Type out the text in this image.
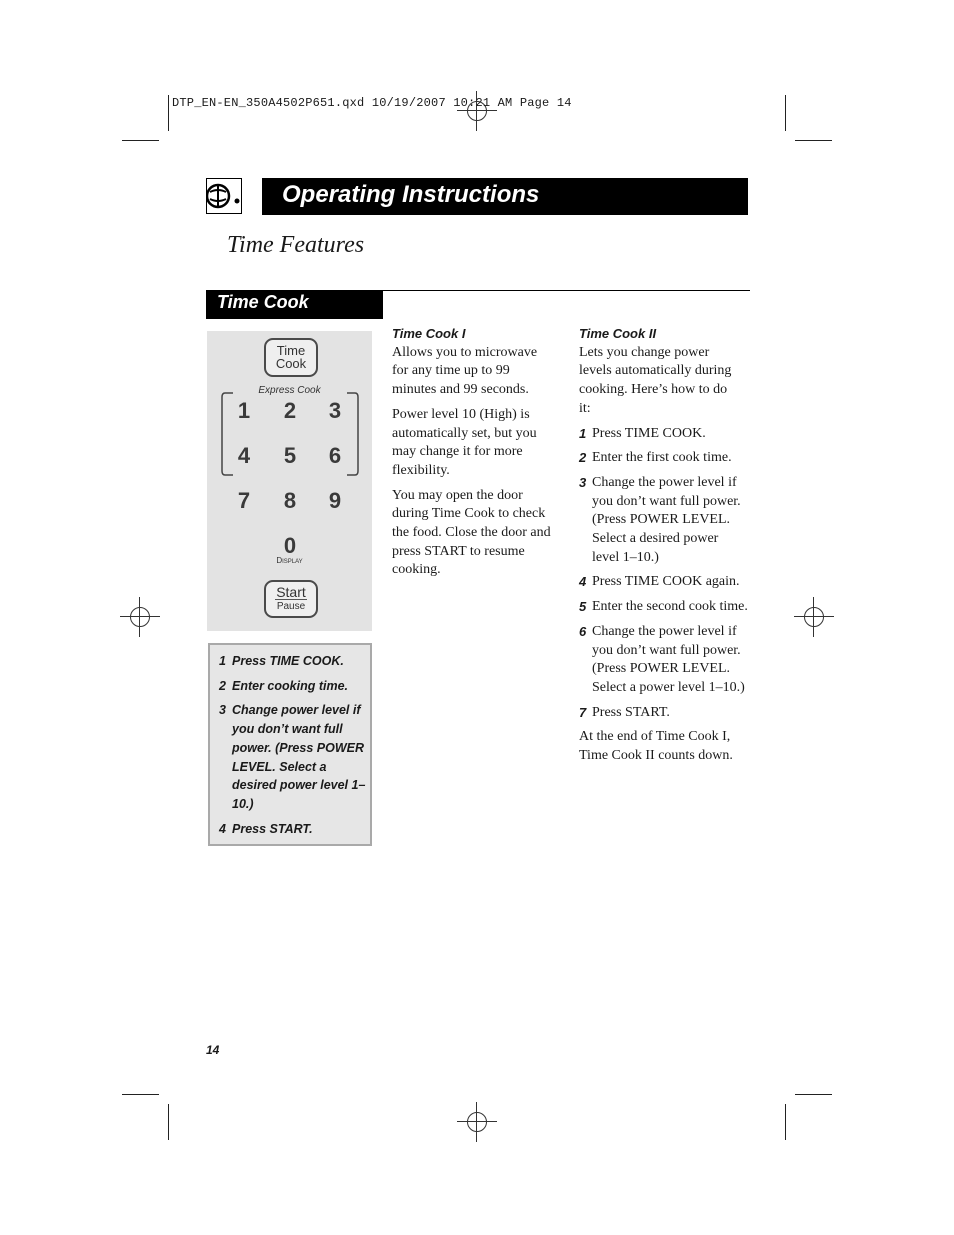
DTP_EN-EN_350A4502P651.qxd 10/19/2007 10:21 AM Page 14
Operating Instructions
Time Features
Time Cook
Time
Cook
Express Cook
1 2 3
4 5 6
7 8 9
0
Display
Start
Pause
1 Press TIME COOK.
2 Enter cooking time.
3 Change power level if you don’t want full power. (Press POWER LEVEL. Select a desired power level 1–10.)
4 Press START.
Time Cook I

Allows you to microwave for any time up to 99 minutes and 99 seconds.

Power level 10 (High) is automatically set, but you may change it for more flexibility.

You may open the door during Time Cook to check the food. Close the door and press START to resume cooking.

Time Cook II

Lets you change power levels automatically during cooking. Here’s how to do it:

1 Press TIME COOK.
2 Enter the first cook time.
3 Change the power level if you don’t want full power. (Press POWER LEVEL. Select a desired power level 1–10.)
4 Press TIME COOK again.
5 Enter the second cook time.
6 Change the power level if you don’t want full power. (Press POWER LEVEL. Select a power level 1–10.)
7 Press START.

At the end of Time Cook I, Time Cook II counts down.

14
